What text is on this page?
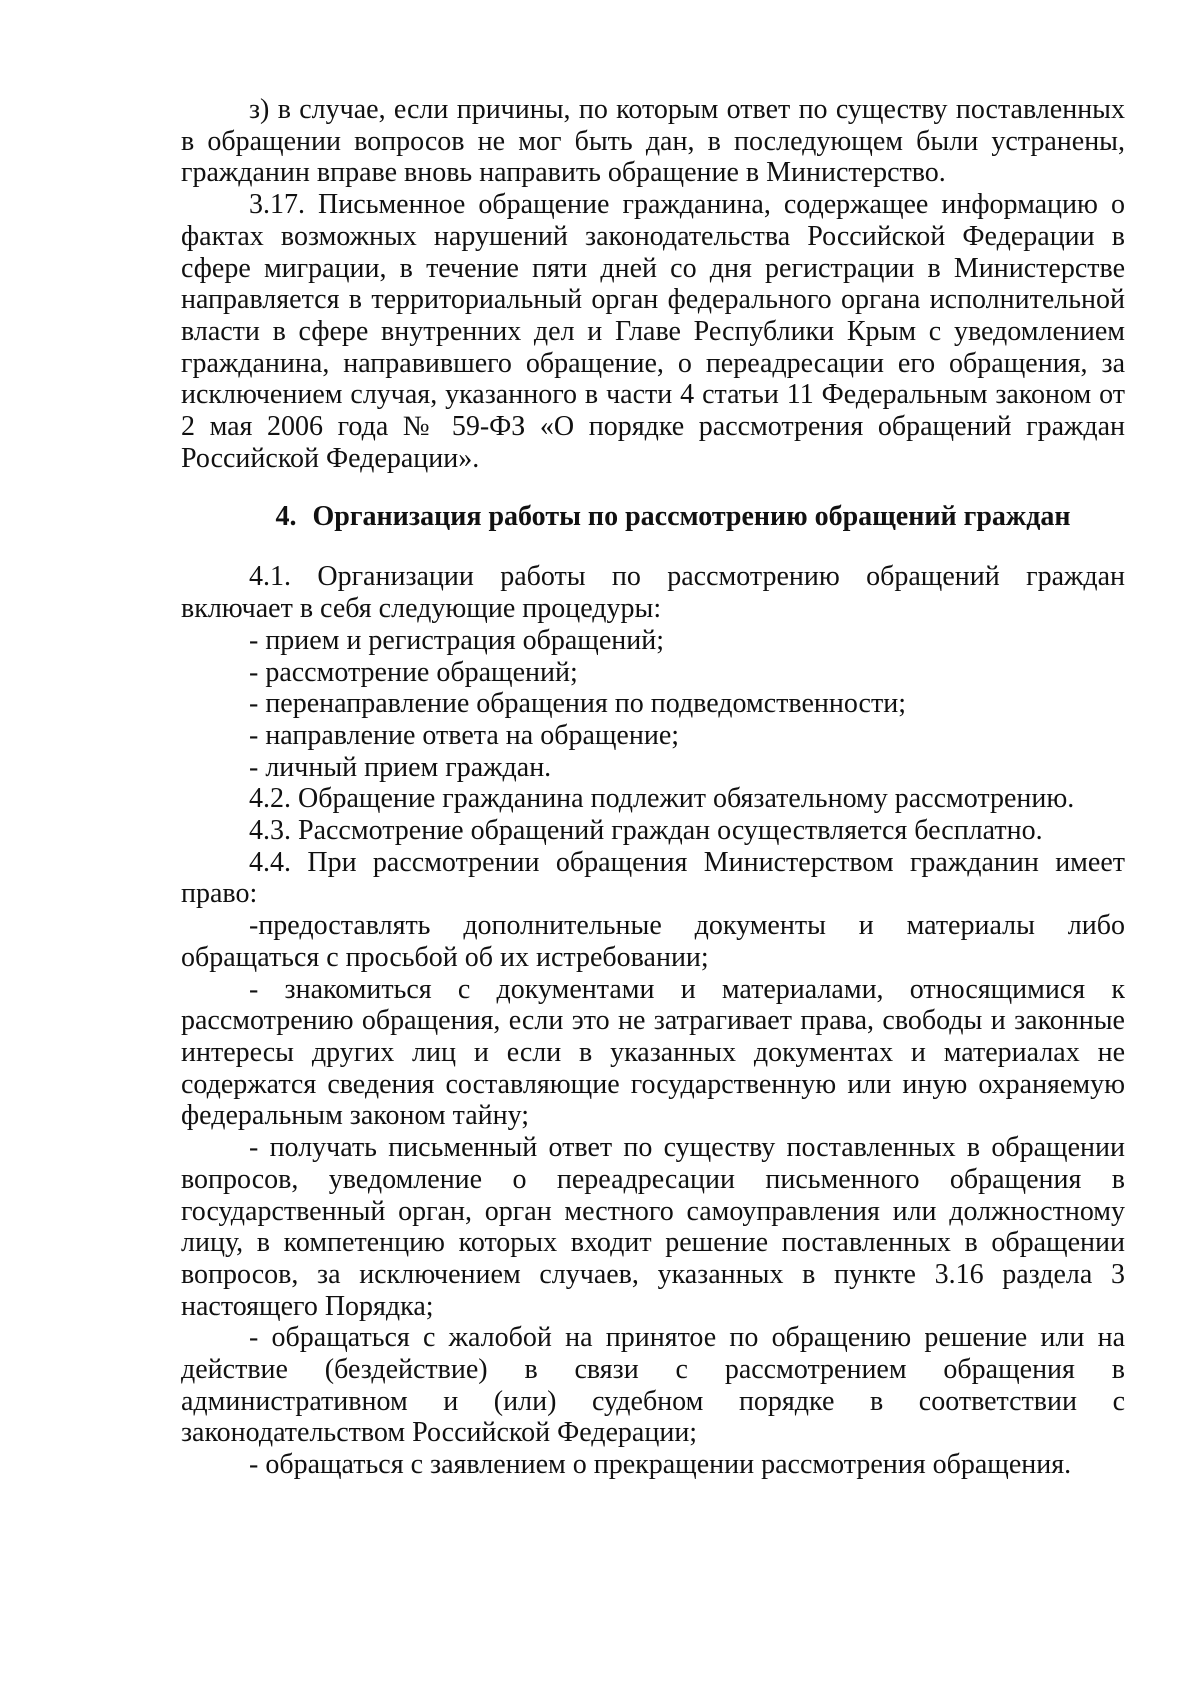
з) в случае, если причины, по которым ответ по существу поставленных в обращении вопросов не мог быть дан, в последующем были устранены, гражданин вправе вновь направить обращение в Министерство.

3.17. Письменное обращение гражданина, содержащее информацию о фактах возможных нарушений законодательства Российской Федерации в сфере миграции, в течение пяти дней со дня регистрации в Министерстве направляется в территориальный орган федерального органа исполнительной власти в сфере внутренних дел и Главе Республики Крым с уведомлением гражданина, направившего обращение, о переадресации его обращения, за исключением случая, указанного в части 4 статьи 11 Федеральным законом от 2 мая 2006 года № 59-ФЗ «О порядке рассмотрения обращений граждан Российской Федерации».

4. Организация работы по рассмотрению обращений граждан

4.1. Организации работы по рассмотрению обращений граждан включает в себя следующие процедуры:

- прием и регистрация обращений;

- рассмотрение обращений;

- перенаправление обращения по подведомственности;

- направление ответа на обращение;

- личный прием граждан.

4.2. Обращение гражданина подлежит обязательному рассмотрению.

4.3. Рассмотрение обращений граждан осуществляется бесплатно.

4.4. При рассмотрении обращения Министерством гражданин имеет право:

-предоставлять дополнительные документы и материалы либо обращаться с просьбой об их истребовании;

- знакомиться с документами и материалами, относящимися к рассмотрению обращения, если это не затрагивает права, свободы и законные интересы других лиц и если в указанных документах и материалах не содержатся сведения составляющие государственную или иную охраняемую федеральным законом тайну;

- получать письменный ответ по существу поставленных в обращении вопросов, уведомление о переадресации письменного обращения в государственный орган, орган местного самоуправления или должностному лицу, в компетенцию которых входит решение поставленных в обращении вопросов, за исключением случаев, указанных в пункте 3.16 раздела 3 настоящего Порядка;

- обращаться с жалобой на принятое по обращению решение или на действие (бездействие) в связи с рассмотрением обращения в административном и (или) судебном порядке в соответствии с законодательством Российской Федерации;

- обращаться с заявлением о прекращении рассмотрения обращения.
